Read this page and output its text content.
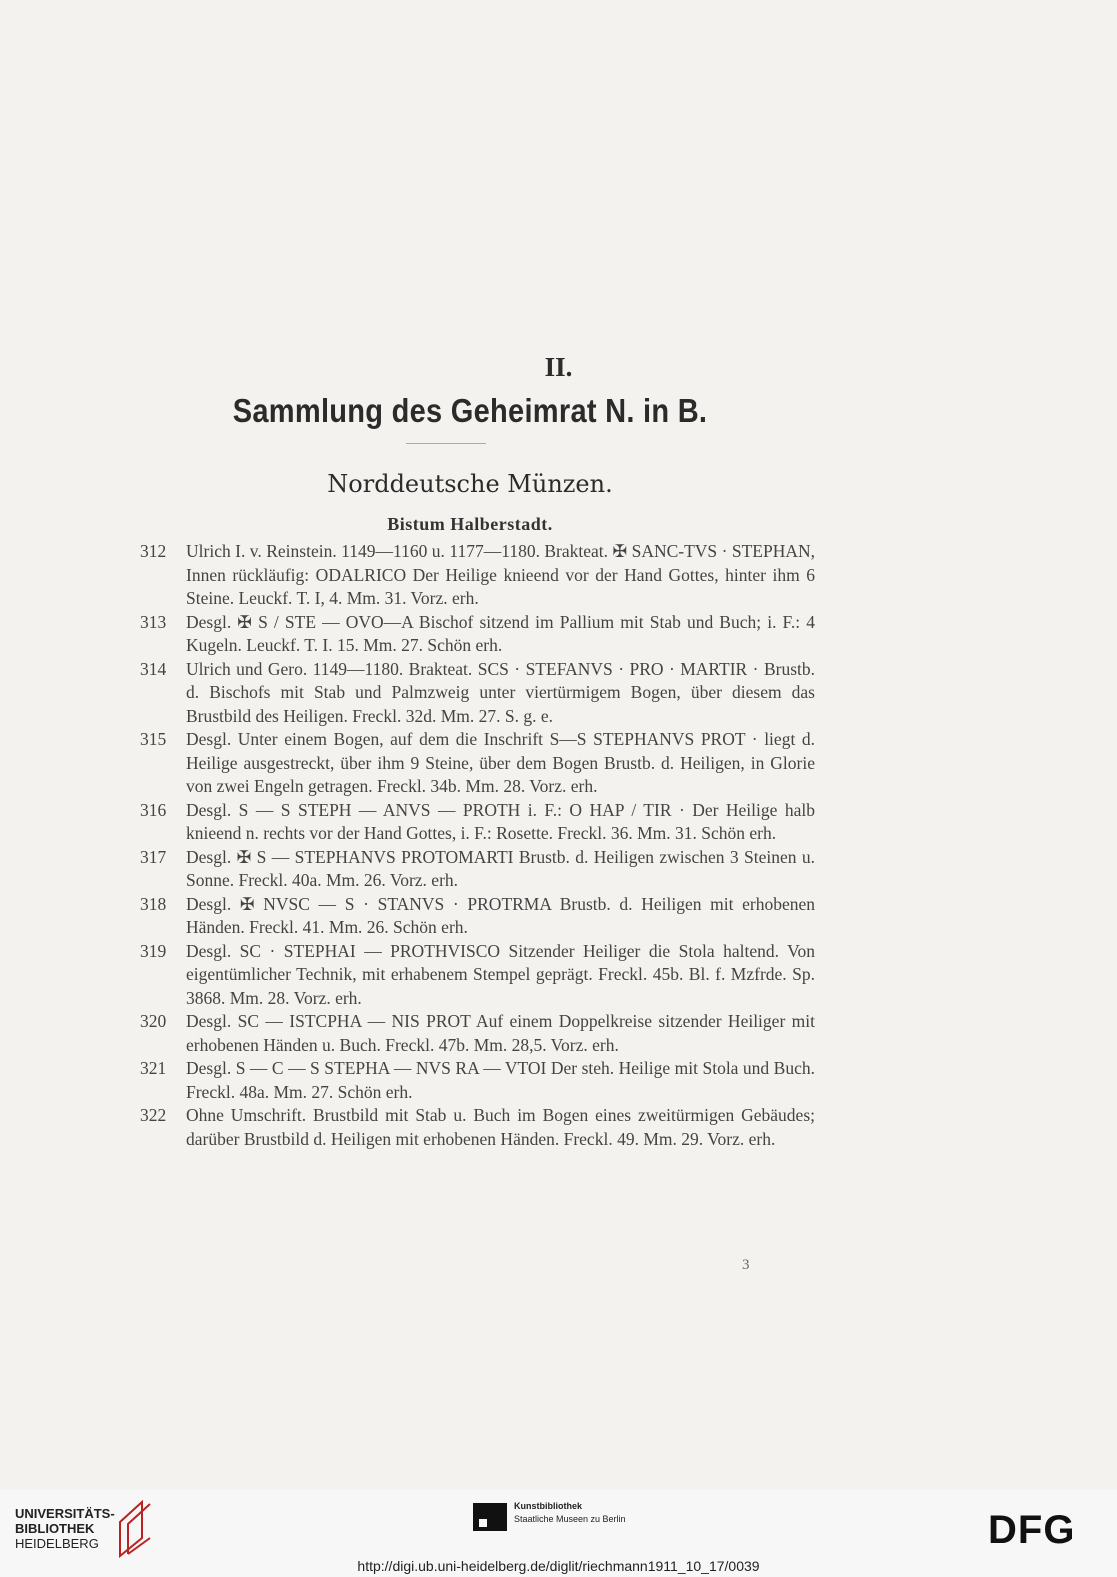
II.
Sammlung des Geheimrat N. in B.
Norddeutsche Münzen.
Bistum Halberstadt.
312 Ulrich I. v. Reinstein. 1149—1160 u. 1177—1180. Brakteat. ✠ SANC-TVS · STEPHAN, Innen rückläufig: ODALRICO Der Heilige knieend vor der Hand Gottes, hinter ihm 6 Steine. Leuckf. T. I, 4. Mm. 31. Vorz. erh.
313 Desgl. ✠ S / STE — OVO—A Bischof sitzend im Pallium mit Stab und Buch; i. F.: 4 Kugeln. Leuckf. T. I. 15. Mm. 27. Schön erh.
314 Ulrich und Gero. 1149—1180. Brakteat. SCS · STEFANVS · PRO · MARTIR · Brustb. d. Bischofs mit Stab und Palmzweig unter viertürmigem Bogen, über diesem das Brustbild des Heiligen. Freckl. 32d. Mm. 27. S. g. e.
315 Desgl. Unter einem Bogen, auf dem die Inschrift S—S STEPHANVS PROT · liegt d. Heilige ausgestreckt, über ihm 9 Steine, über dem Bogen Brustb. d. Heiligen, in Glorie von zwei Engeln getragen. Freckl. 34b. Mm. 28. Vorz. erh.
316 Desgl. S — S STEPH — ANVS — PROTH i. F.: O HAP / TIR · Der Heilige halb knieend n. rechts vor der Hand Gottes, i. F.: Rosette. Freckl. 36. Mm. 31. Schön erh.
317 Desgl. ✠ S — STEPHANVS PROTOMARTI Brustb. d. Heiligen zwischen 3 Steinen u. Sonne. Freckl. 40a. Mm. 26. Vorz. erh.
318 Desgl. ✠ NVSC — S · STANVS · PROTRMA Brustb. d. Heiligen mit erhobenen Händen. Freckl. 41. Mm. 26. Schön erh.
319 Desgl. SC · STEPHAI — PROTHVISCO Sitzender Heiliger die Stola haltend. Von eigentümlicher Technik, mit erhabenem Stempel geprägt. Freckl. 45b. Bl. f. Mzfrde. Sp. 3868. Mm. 28. Vorz. erh.
320 Desgl. SC — ISTCPHA — NIS PROT Auf einem Doppelkreise sitzender Heiliger mit erhobenen Händen u. Buch. Freckl. 47b. Mm. 28,5. Vorz. erh.
321 Desgl. S — C — S STEPHA — NVS RA — VTOI Der steh. Heilige mit Stola und Buch. Freckl. 48a. Mm. 27. Schön erh.
322 Ohne Umschrift. Brustbild mit Stab u. Buch im Bogen eines zweitürmigen Gebäudes; darüber Brustbild d. Heiligen mit erhobenen Händen. Freckl. 49. Mm. 29. Vorz. erh.
3
UNIVERSITÄTS-
BIBLIOTHEK
HEIDELBERG
Kunstbibliothek
Staatliche Museen zu Berlin	DFG
http://digi.ub.uni-heidelberg.de/diglit/riechmann1911_10_17/0039
